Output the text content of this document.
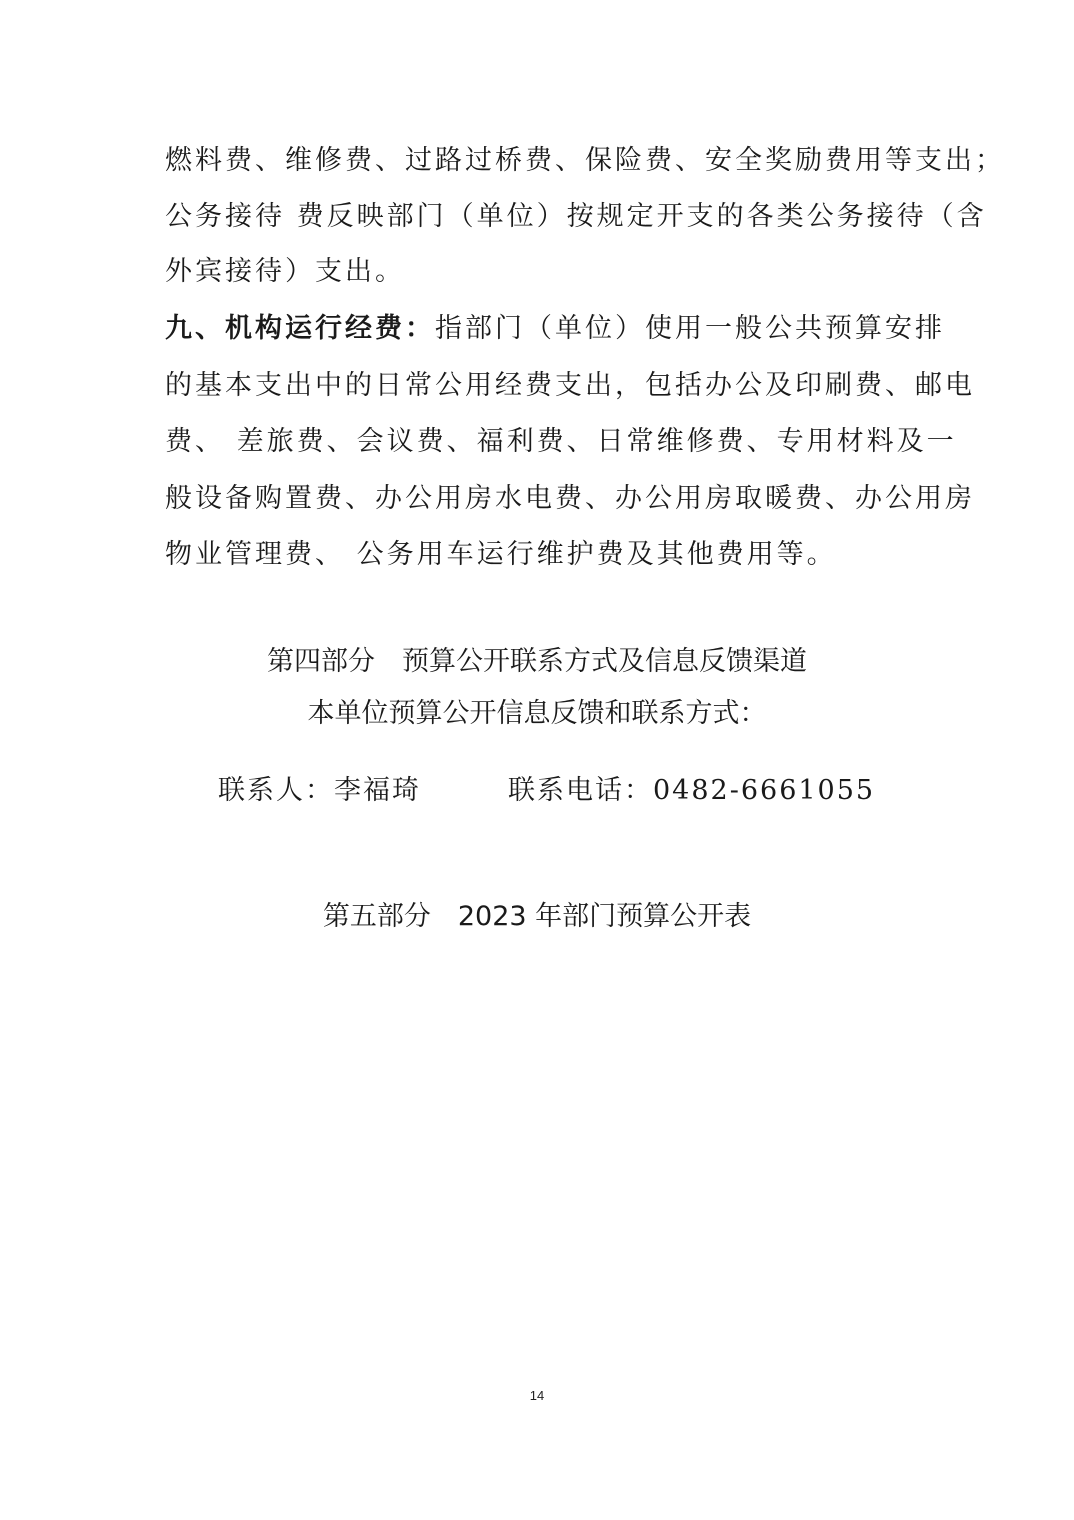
燃料费、维修费、过路过桥费、保险费、安全奖励费用等支出；
公务接待 费反映部门（单位）按规定开支的各类公务接待（含
外宾接待）支出。
九、机构运行经费：指部门（单位）使用一般公共预算安排
的基本支出中的日常公用经费支出，包括办公及印刷费、邮电
费、 差旅费、会议费、福利费、日常维修费、专用材料及一
般设备购置费、办公用房水电费、办公用房取暖费、办公用房
物业管理费、 公务用车运行维护费及其他费用等。
第四部分　预算公开联系方式及信息反馈渠道
本单位预算公开信息反馈和联系方式：
联系人：李福琦	联系电话：0482-6661055
第五部分　2023 年部门预算公开表
14
